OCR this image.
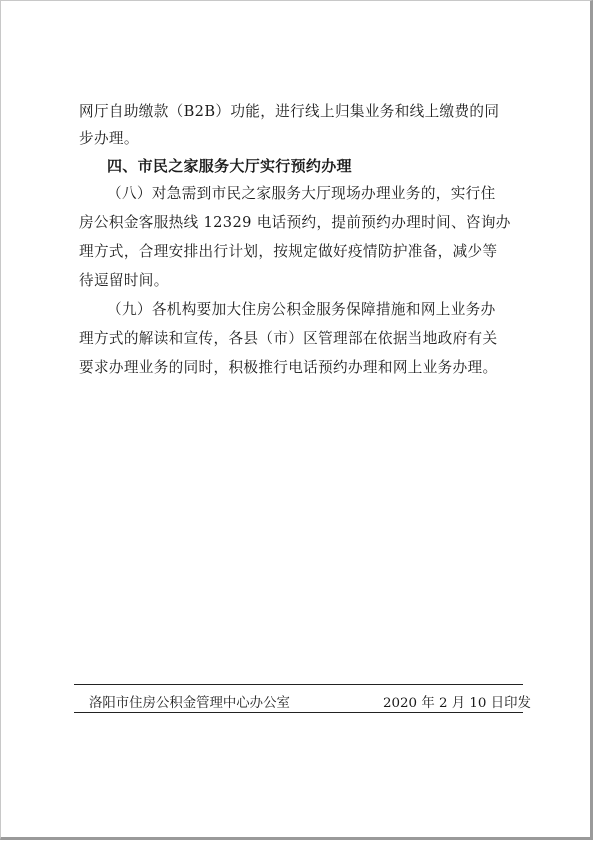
网厅自助缴款（B2B）功能，进行线上归集业务和线上缴费的同
步办理。
四、市民之家服务大厅实行预约办理
（八）对急需到市民之家服务大厅现场办理业务的，实行住
房公积金客服热线 12329 电话预约，提前预约办理时间、咨询办
理方式，合理安排出行计划，按规定做好疫情防护准备，减少等
待逗留时间。
（九）各机构要加大住房公积金服务保障措施和网上业务办
理方式的解读和宣传，各县（市）区管理部在依据当地政府有关
要求办理业务的同时，积极推行电话预约办理和网上业务办理。
洛阳市住房公积金管理中心办公室	2020 年 2 月 10 日印发
